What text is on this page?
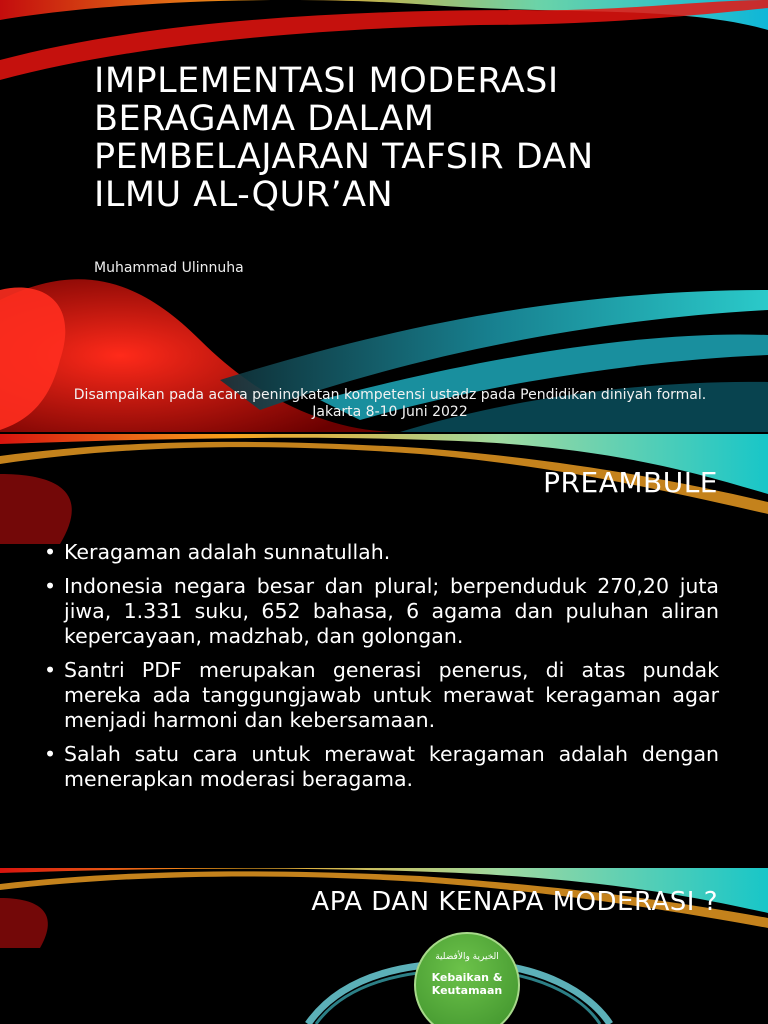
IMPLEMENTASI MODERASI
BERAGAMA DALAM
PEMBELAJARAN TAFSIR DAN
ILMU AL-QUR’AN
Muhammad Ulinnuha
Disampaikan pada acara peningkatan kompetensi ustadz pada Pendidikan diniyah formal.
Jakarta 8-10 Juni 2022
PREAMBULE
• Keragaman adalah sunnatullah.
• Indonesia negara besar dan plural; berpenduduk 270,20 juta jiwa, 1.331 suku, 652 bahasa, 6 agama dan puluhan aliran kepercayaan, madzhab, dan golongan.
• Santri PDF merupakan generasi penerus, di atas pundak mereka ada tanggungjawab untuk merawat keragaman agar menjadi harmoni dan kebersamaan.
• Salah satu cara untuk merawat keragaman adalah dengan menerapkan moderasi beragama.
APA DAN KENAPA MODERASI ?
الخيرية والأفضلية
Kebaikan & Keutamaan
